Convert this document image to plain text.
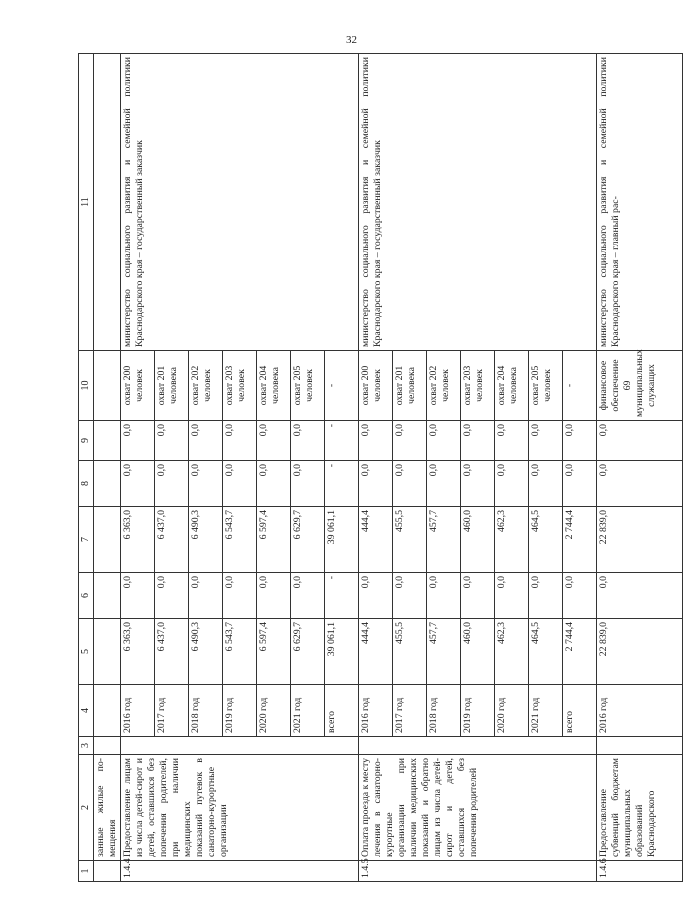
32
1	2	3	4	5	6	7	8	9	10	11
	занные жилые по-мещения									
1.4.4	Предоставление лицам из числа детей-сирот и детей, оставшихся без попечения родителей, при наличии медицинских показаний путевок в санаторно-курортные организации		2016 год	6 363,0	0,0	6 363,0	0,0	0,0	охват 200 человек	министерство социального развития и семейной политики Краснодарского края – государственный заказчик
			2017 год	6 437,0	0,0	6 437,0	0,0	0,0	охват 201 человека	
			2018 год	6 490,3	0,0	6 490,3	0,0	0,0	охват 202 человек	
			2019 год	6 543,7	0,0	6 543,7	0,0	0,0	охват 203 человек	
			2020 год	6 597,4	0,0	6 597,4	0,0	0,0	охват 204 человека	
			2021 год	6 629,7	0,0	6 629,7	0,0	0,0	охват 205 человек	
			всего	39 061,1	-	39 061,1	-	-	-	
1.4.5	Оплата проезда к месту лечения в санаторно-курортные организации при наличии медицинских показаний и обратно лицам из числа детей-сирот и детей, оставшихся без попечения родителей		2016 год	444,4	0,0	444,4	0,0	0,0	охват 200 человек	министерство социального развития и семейной политики Краснодарского края – государственный заказчик
			2017 год	455,5	0,0	455,5	0,0	0,0	охват 201 человека	
			2018 год	457,7	0,0	457,7	0,0	0,0	охват 202 человек	
			2019 год	460,0	0,0	460,0	0,0	0,0	охват 203 человек	
			2020 год	462,3	0,0	462,3	0,0	0,0	охват 204 человека	
			2021 год	464,5	0,0	464,5	0,0	0,0	охват 205 человек	
			всего	2 744,4	0,0	2 744,4	0,0	0,0	-	
1.4.6	Предоставление субвенций бюджетам муниципальных образований Краснодарского		2016 год	22 839,0	0,0	22 839,0	0,0	0,0	финансовое обеспечение 69 муниципальных служащих	министерство социального развития и семейной политики Краснодарского края – главный рас-
